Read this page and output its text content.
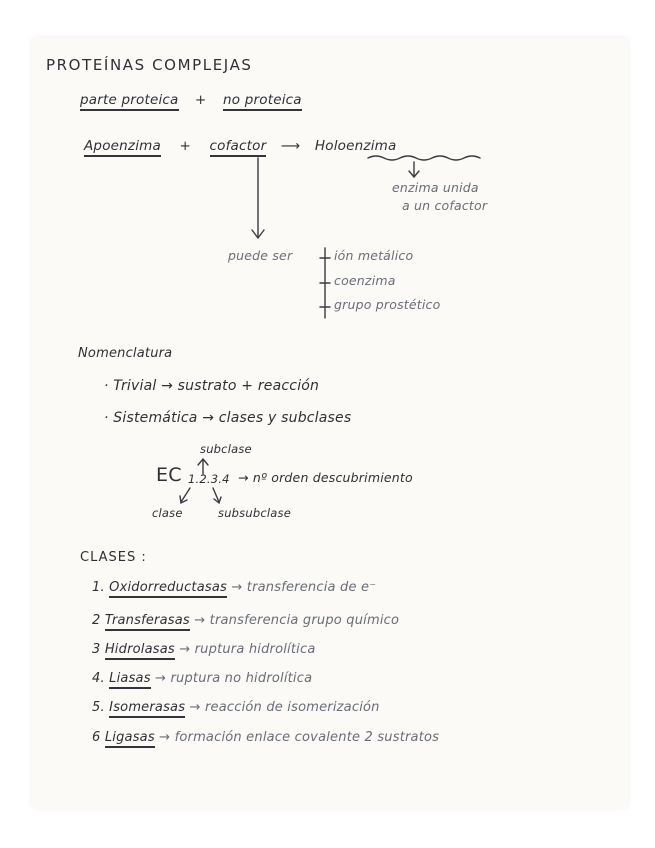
PROTEÍNAS COMPLEJAS
parte proteica + no proteica
Apoenzima + cofactor ⟶ Holoenzima
enzima unida
a un cofactor
puede ser	ión metálico
coenzima
grupo prostético
Nomenclatura
· Trivial → sustrato + reacción
· Sistemática → clases y subclases
subclase
EC 1.2.3.4 → nº orden descubrimiento
clase	subsubclase
CLASES :
1. Oxidorreductasas → transferencia de e⁻
2 Transferasas → transferencia grupo químico
3 Hidrolasas → ruptura hidrolítica
4. Liasas → ruptura no hidrolítica
5. Isomerasas → reacción de isomerización
6 Ligasas → formación enlace covalente 2 sustratos
